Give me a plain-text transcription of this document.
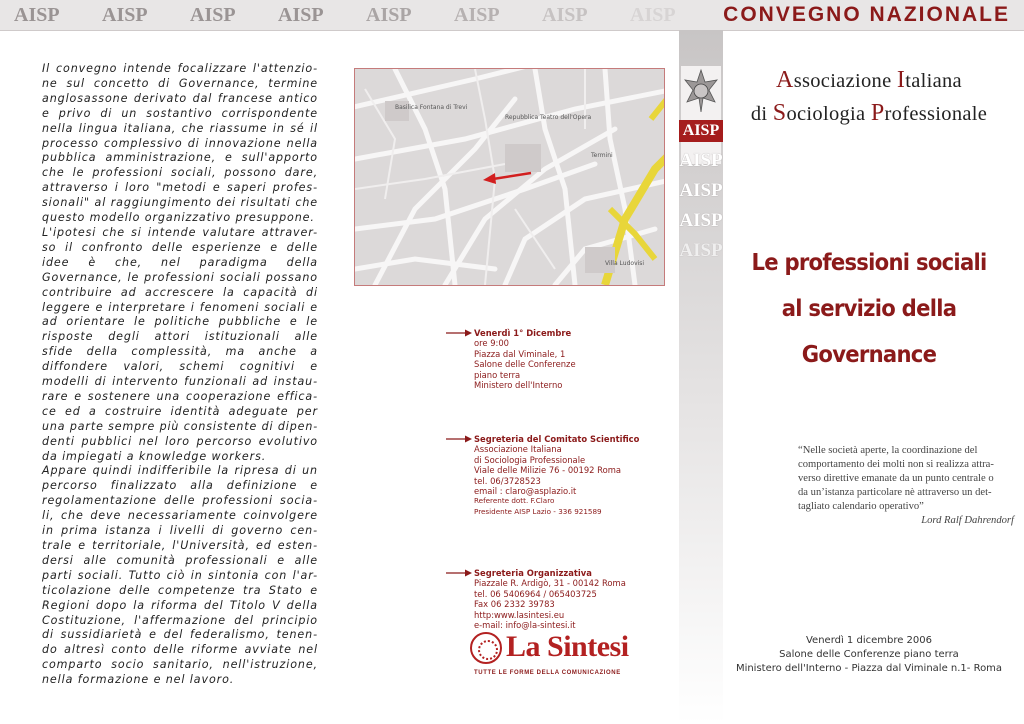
AISP AISP AISP AISP AISP AISP AISP AISP CONVEGNO NAZIONALE
Il convegno intende focalizzare l'attenzio-
ne sul concetto di Governance, termine
anglosassone derivato dal francese antico
e privo di un sostantivo corrispondente
nella lingua italiana, che riassume in sé il
processo complessivo di innovazione nella
pubblica amministrazione, e sull'apporto
che le professioni sociali, possono dare,
attraverso i loro "metodi e saperi profes-
sionali" al raggiungimento dei risultati che
questo modello organizzativo presuppone.
L'ipotesi che si intende valutare attraver-
so il confronto delle esperienze e delle
idee è che, nel paradigma della
Governance, le professioni sociali possano
contribuire ad accrescere la capacità di
leggere e interpretare i fenomeni sociali e
ad orientare le politiche pubbliche e le
risposte degli attori istituzionali alle
sfide della complessità, ma anche a
diffondere valori, schemi cognitivi e
modelli di intervento funzionali ad instau-
rare e sostenere una cooperazione effica-
ce ed a costruire identità adeguate per
una parte sempre più consistente di dipen-
denti pubblici nel loro percorso evolutivo
da impiegati a knowledge workers.
Appare quindi indifferibile la ripresa di un
percorso finalizzato alla definizione e
regolamentazione delle professioni socia-
li, che deve necessariamente coinvolgere
in prima istanza i livelli di governo cen-
trale e territoriale, l'Università, ed esten-
dersi alle comunità professionali e alle
parti sociali. Tutto ciò in sintonia con l'ar-
ticolazione delle competenze tra Stato e
Regioni dopo la riforma del Titolo V della
Costituzione, l'affermazione del principio
di sussidiarietà e del federalismo, tenen-
do altresì conto delle riforme avviate nel
comparto socio sanitario, nell'istruzione,
nella formazione e nel lavoro.
Repubblica Teatro dell'Opera
Basilica Fontana di Trevi
Termini
Villa Ludovisi
Venerdì 1° Dicembre
ore 9:00
Piazza dal Viminale, 1
Salone delle Conferenze
piano terra
Ministero dell'Interno
Segreteria del Comitato Scientifico
Associazione Italiana
di Sociologia Professionale
Viale delle Milizie 76 - 00192 Roma
tel. 06/3728523
email : claro@asplazio.it
Referente dott. F.Claro
Presidente AISP Lazio - 336 921589
Segreteria Organizzativa
Piazzale R. Ardigò, 31 - 00142 Roma
tel. 06 5406964 / 065403725
Fax 06 2332 39783
http:www.lasintesi.eu
e-mail: info@la-sintesi.it
La Sintesi
TUTTE LE FORME DELLA COMUNICAZIONE
AISP
AISP
AISP
AISP
AISP
Associazione Italiana
di Sociologia Professionale
Le professioni sociali
al servizio della
Governance
“Nelle società aperte, la coordinazione del
comportamento dei molti non si realizza attra-
verso direttive emanate da un punto centrale o
da un’istanza particolare nè attraverso un det-
tagliato calendario operativo”
Lord Ralf Dahrendorf
Venerdì 1 dicembre 2006
Salone delle Conferenze piano terra
Ministero dell'Interno - Piazza dal Viminale n.1- Roma
